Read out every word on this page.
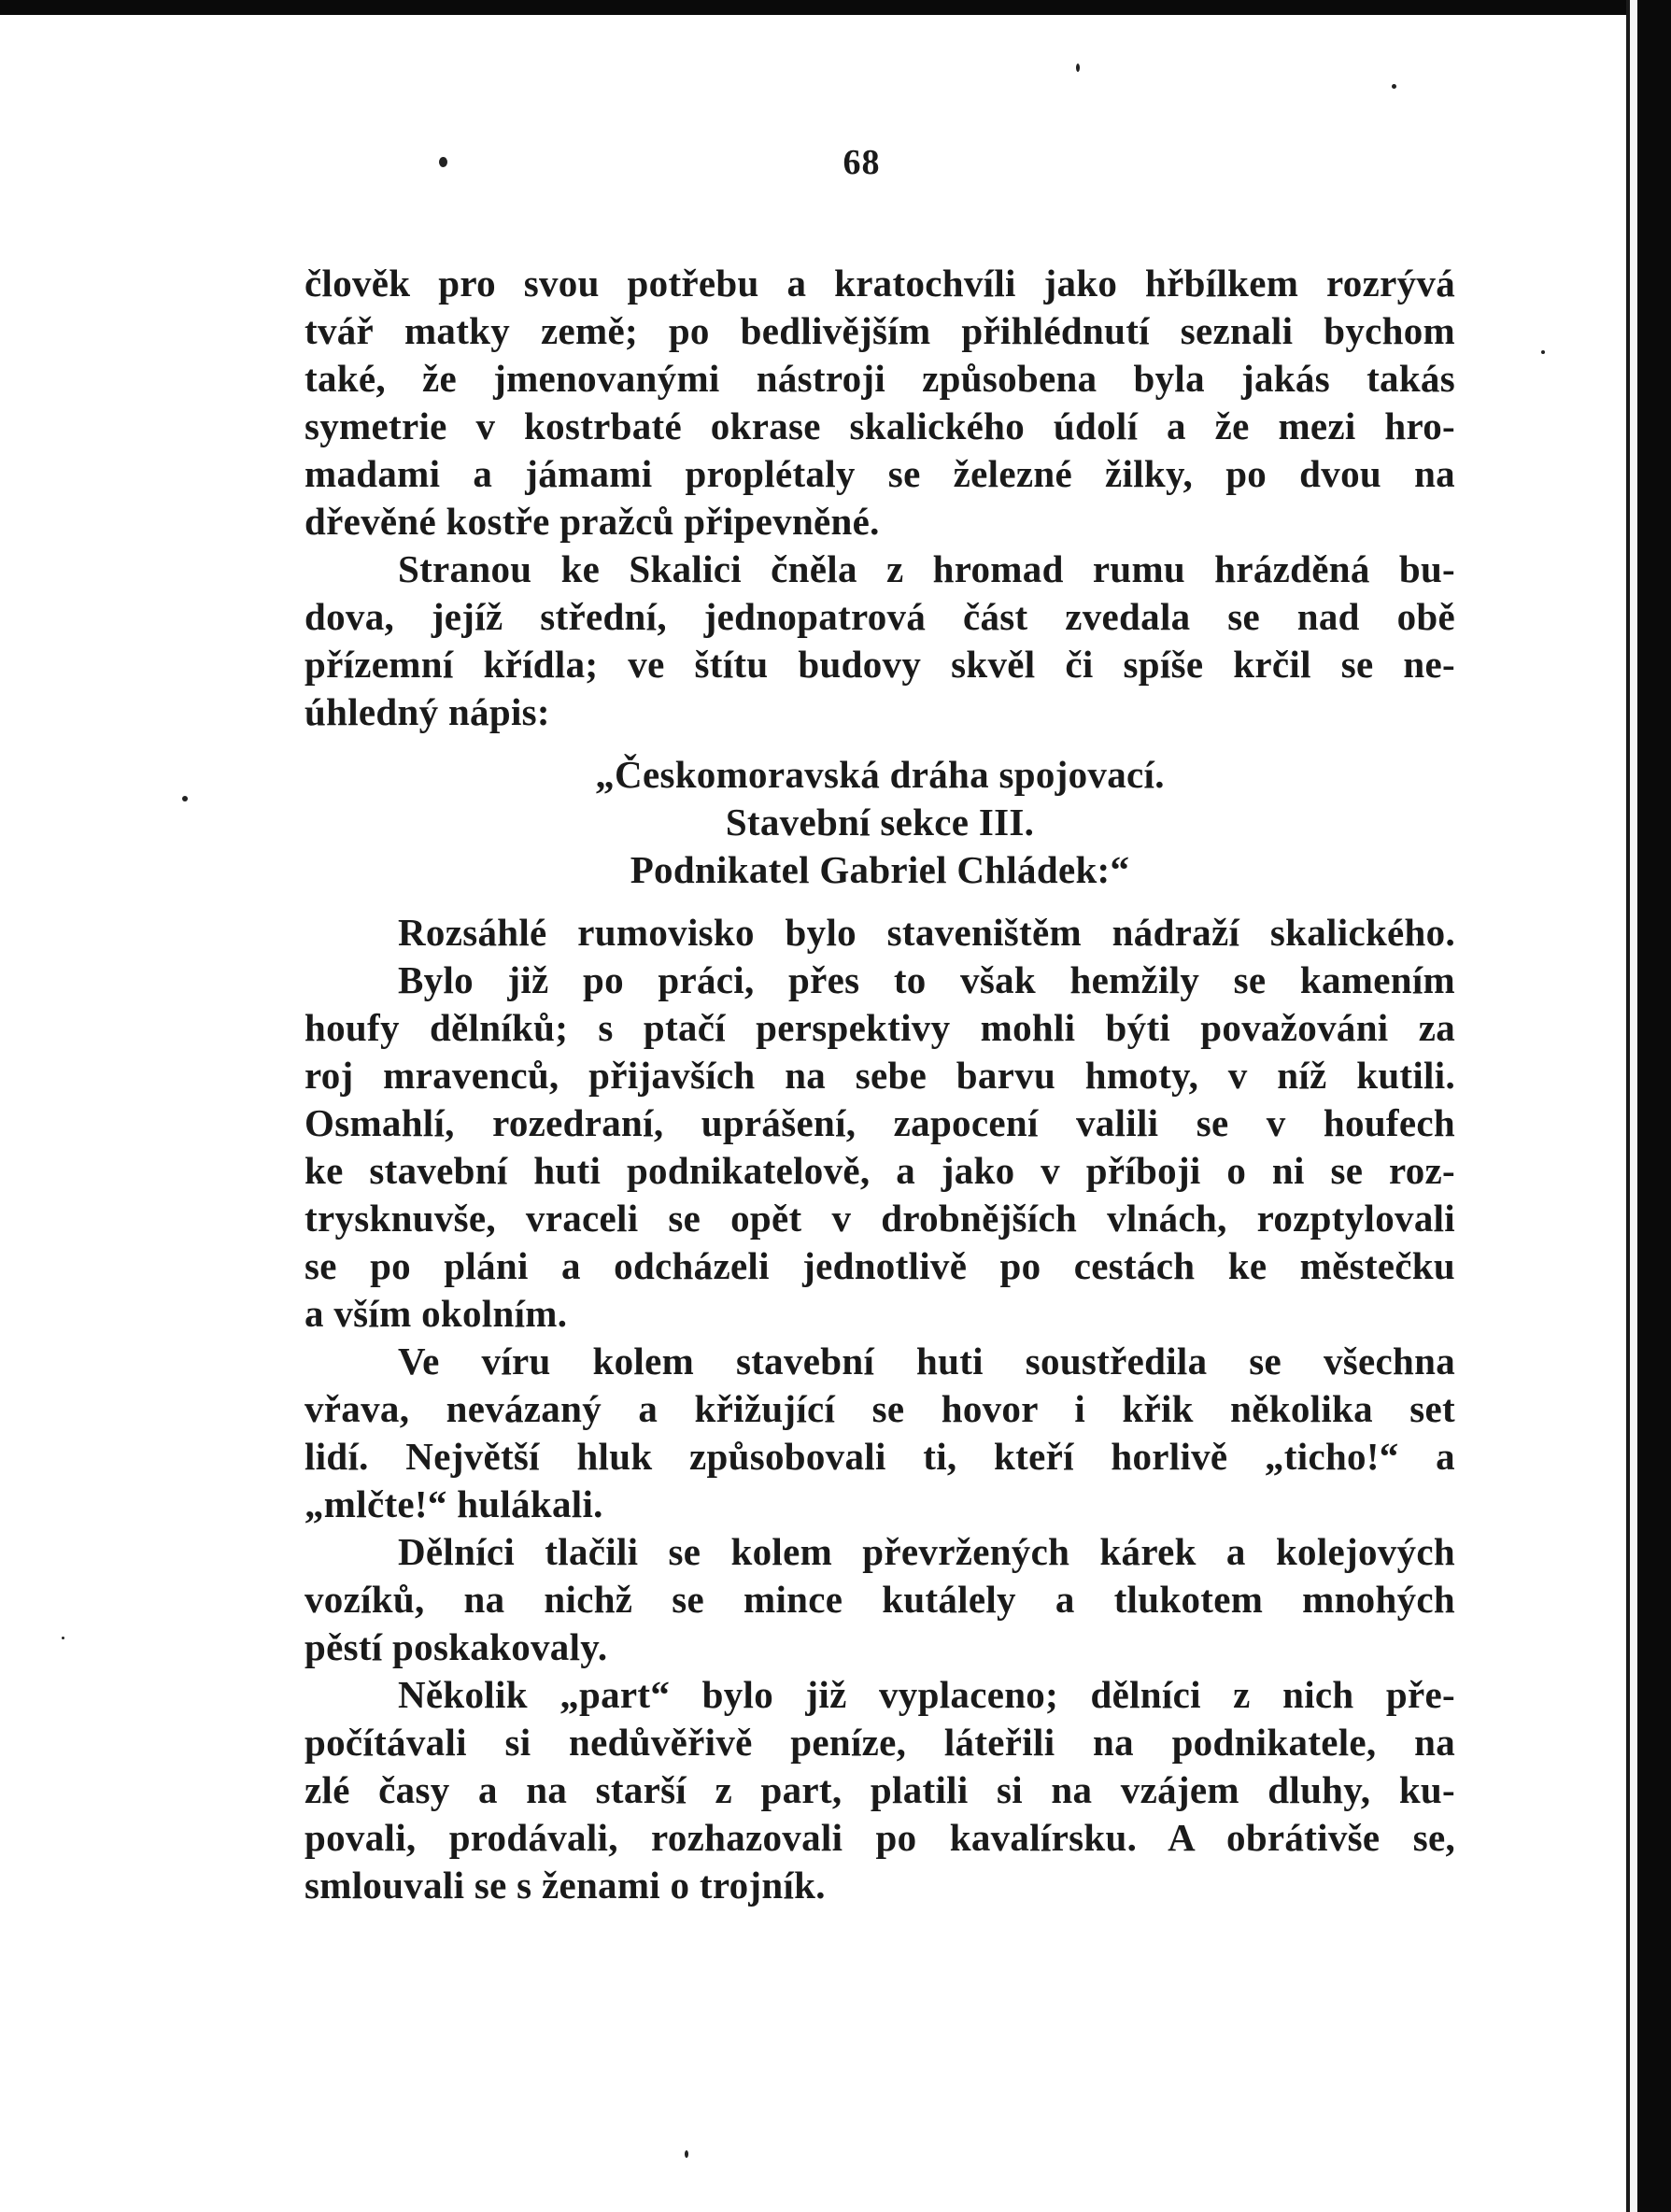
68
člověk pro svou potřebu a kratochvíli jako hřbílkem rozrývá
tvář matky země; po bedlivějším přihlédnutí seznali bychom
také, že jmenovanými nástroji způsobena byla jakás takás
symetrie v kostrbaté okrase skalického údolí a že mezi hro-
madami a jámami proplétaly se železné žilky, po dvou na
dřevěné kostře pražců připevněné.
Stranou ke Skalici čněla z hromad rumu hrázděná bu-
dova, jejíž střední, jednopatrová část zvedala se nad obě
přízemní křídla; ve štítu budovy skvěl či spíše krčil se ne-
úhledný nápis:
„Českomoravská dráha spojovací.
Stavební sekce III.
Podnikatel Gabriel Chládek:“
Rozsáhlé rumovisko bylo staveništěm nádraží skalického.
Bylo již po práci, přes to však hemžily se kamením
houfy dělníků; s ptačí perspektivy mohli býti považováni za
roj mravenců, přijavších na sebe barvu hmoty, v níž kutili.
Osmahlí, rozedraní, uprášení, zapocení valili se v houfech
ke stavební huti podnikatelově, a jako v příboji o ni se roz-
trysknuvše, vraceli se opět v drobnějších vlnách, rozptylovali
se po pláni a odcházeli jednotlivě po cestách ke městečku
a vším okolním.
Ve víru kolem stavební huti soustředila se všechna
vřava, nevázaný a křižující se hovor i křik několika set
lidí. Největší hluk způsobovali ti, kteří horlivě „ticho!“ a
„mlčte!“ hulákali.
Dělníci tlačili se kolem převržených kárek a kolejových
vozíků, na nichž se mince kutálely a tlukotem mnohých
pěstí poskakovaly.
Několik „part“ bylo již vyplaceno; dělníci z nich pře-
počítávali si nedůvěřivě peníze, láteřili na podnikatele, na
zlé časy a na starší z part, platili si na vzájem dluhy, ku-
povali, prodávali, rozhazovali po kavalírsku. A obrátivše se,
smlouvali se s ženami o trojník.
